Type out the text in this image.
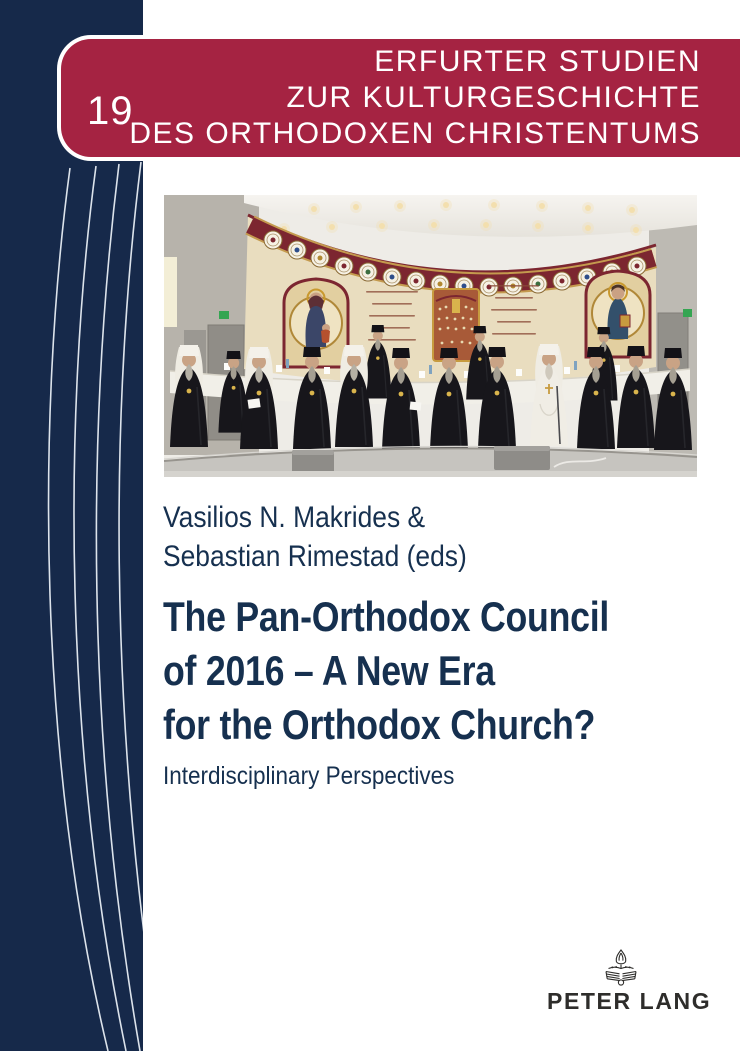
19
ERFURTER STUDIEN
ZUR KULTURGESCHICHTE
DES ORTHODOXEN CHRISTENTUMS
Vasilios N. Makrides &
Sebastian Rimestad (eds)
The Pan-Orthodox Council
of 2016 – A New Era
for the Orthodox Church?
Interdisciplinary Perspectives
PETER LANG
